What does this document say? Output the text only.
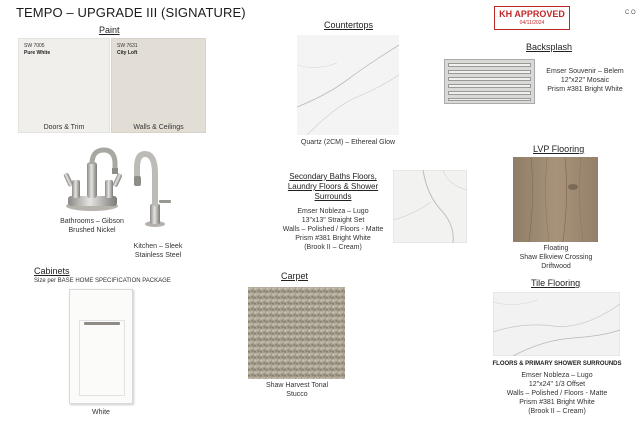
TEMPO – UPGRADE III (SIGNATURE)	C O
KH APPROVED
04/11/2024
Paint
SW 7005
Pure White
Doors & Trim
SW 7631
City Loft
Walls & Ceilings
Bathrooms – Gibson
Brushed Nickel
Kitchen – Sleek
Stainless Steel
Cabinets
Size per BASE HOME SPECIFICATION PACKAGE
White
Countertops
Quartz (2CM) – Ethereal Glow
Backsplash
Emser Souvenir – Belem
12"x22" Mosaic
Prism #381 Bright White
Secondary Baths Floors,
Laundry Floors & Shower
Surrounds
Emser Nobleza – Lugo
13"x13" Straight Set
Walls – Polished / Floors - Matte
Prism #381 Bright White
(Brook II – Cream)
LVP Flooring
Floating
Shaw Elkview Crossing
Driftwood
Carpet
Shaw Harvest Tonal
Stucco
Tile Flooring
FLOORS & PRIMARY SHOWER SURROUNDS
Emser Nobleza – Lugo
12"x24" 1/3 Offset
Walls – Polished / Floors - Matte
Prism #381 Bright White
(Brook II – Cream)
